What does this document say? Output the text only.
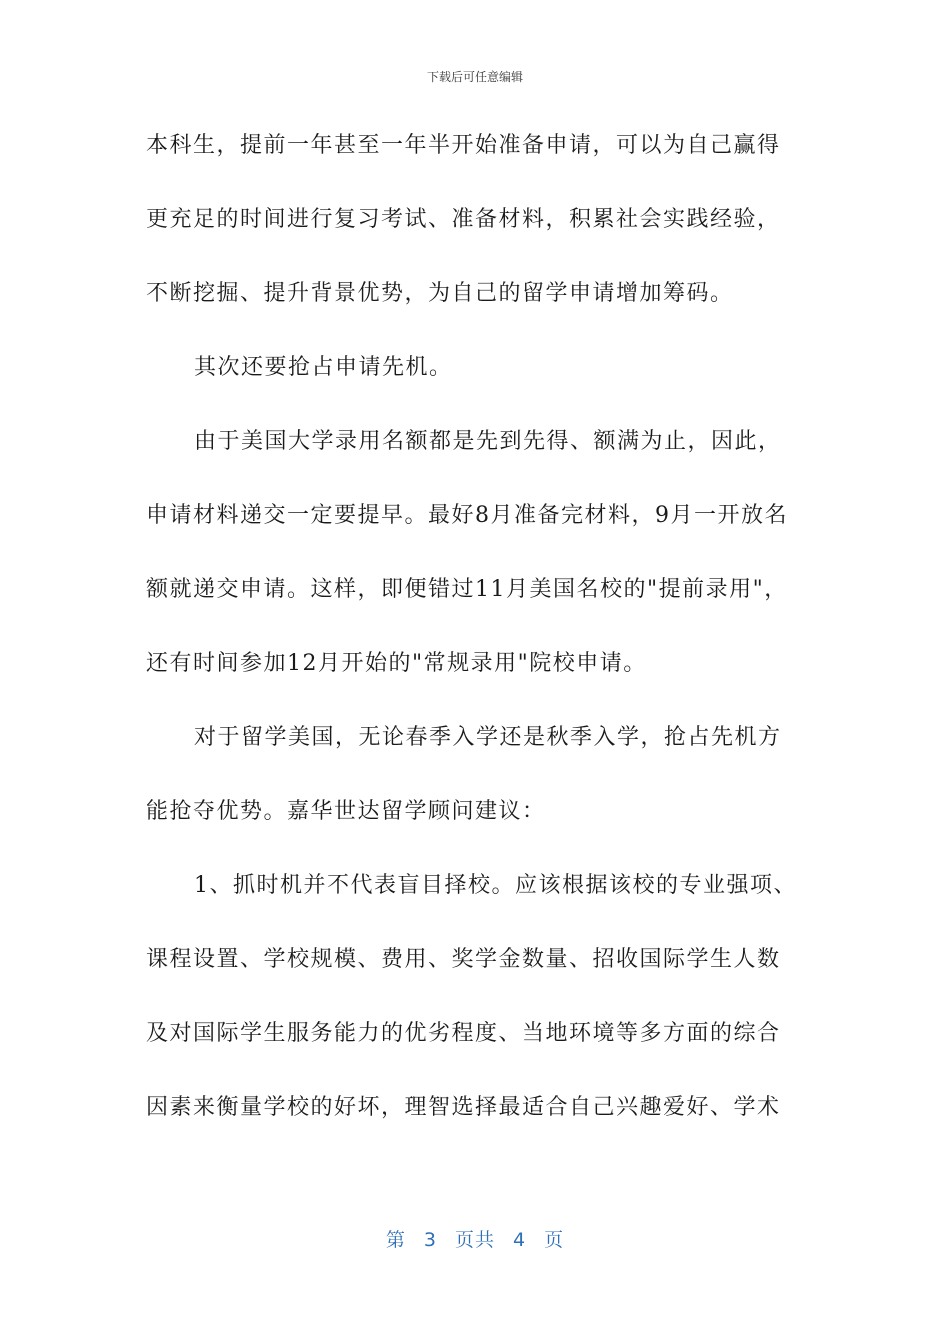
下载后可任意编辑
本科生，提前一年甚至一年半开始准备申请，可以为自己赢得
更充足的时间进行复习考试、准备材料，积累社会实践经验，
不断挖掘、提升背景优势，为自己的留学申请增加筹码。
其次还要抢占申请先机。
由于美国大学录用名额都是先到先得、额满为止，因此，
申请材料递交一定要提早。最好8月准备完材料，9月一开放名
额就递交申请。这样，即便错过11月美国名校的"提前录用"，
还有时间参加12月开始的"常规录用"院校申请。
对于留学美国，无论春季入学还是秋季入学，抢占先机方
能抢夺优势。嘉华世达留学顾问建议：
1、抓时机并不代表盲目择校。应该根据该校的专业强项、
课程设置、学校规模、费用、奖学金数量、招收国际学生人数
及对国际学生服务能力的优劣程度、当地环境等多方面的综合
因素来衡量学校的好坏，理智选择最适合自己兴趣爱好、学术
第 3 页共 4 页
